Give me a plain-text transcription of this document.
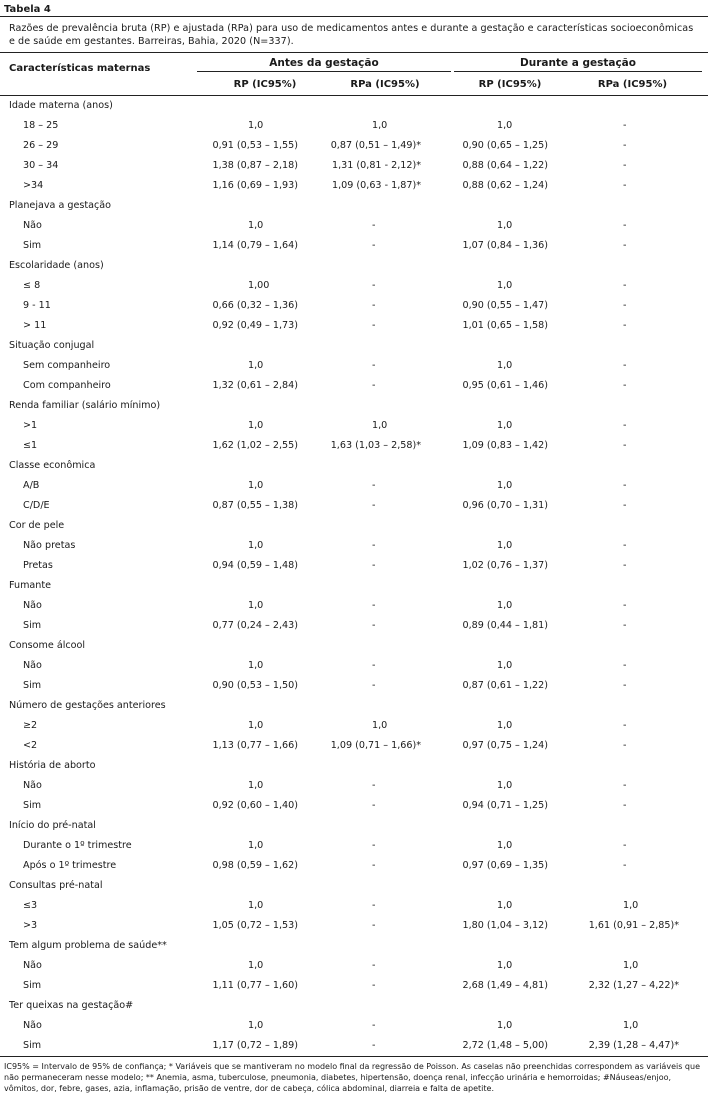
Tabela 4
Razões de prevalência bruta (RP) e ajustada (RPa) para uso de medicamentos antes e durante a gestação e características socioeconômicas e de saúde em gestantes. Barreiras, Bahia, 2020 (N=337).
Características maternas	Antes da gestação	Durante a gestação
RP (IC95%)	RPa (IC95%)	RP (IC95%)	RPa (IC95%)
Idade materna (anos)
18 – 25	1,0	1,0	1,0	-
26 – 29	0,91 (0,53 – 1,55)	0,87 (0,51 – 1,49)*	0,90 (0,65 – 1,25)	-
30 – 34	1,38 (0,87 – 2,18)	1,31 (0,81 - 2,12)*	0,88 (0,64 – 1,22)	-
>34	1,16 (0,69 – 1,93)	1,09 (0,63 - 1,87)*	0,88 (0,62 – 1,24)	-
Planejava a gestação
Não	1,0	-	1,0	-
Sim	1,14 (0,79 – 1,64)	-	1,07 (0,84 – 1,36)	-
Escolaridade (anos)
≤ 8	1,00	-	1,0	-
9 - 11	0,66 (0,32 – 1,36)	-	0,90 (0,55 – 1,47)	-
> 11	0,92 (0,49 – 1,73)	-	1,01 (0,65 – 1,58)	-
Situação conjugal
Sem companheiro	1,0	-	1,0	-
Com companheiro	1,32 (0,61 – 2,84)	-	0,95 (0,61 – 1,46)	-
Renda familiar (salário mínimo)
>1	1,0	1,0	1,0	-
≤1	1,62 (1,02 – 2,55)	1,63 (1,03 – 2,58)*	1,09 (0,83 – 1,42)	-
Classe econômica
A/B	1,0	-	1,0	-
C/D/E	0,87 (0,55 – 1,38)	-	0,96 (0,70 – 1,31)	-
Cor de pele
Não pretas	1,0	-	1,0	-
Pretas	0,94 (0,59 – 1,48)	-	1,02 (0,76 – 1,37)	-
Fumante
Não	1,0	-	1,0	-
Sim	0,77 (0,24 – 2,43)	-	0,89 (0,44 – 1,81)	-
Consome álcool
Não	1,0	-	1,0	-
Sim	0,90 (0,53 – 1,50)	-	0,87 (0,61 – 1,22)	-
Número de gestações anteriores
≥2	1,0	1,0	1,0	-
<2	1,13 (0,77 – 1,66)	1,09 (0,71 – 1,66)*	0,97 (0,75 – 1,24)	-
História de aborto
Não	1,0	-	1,0	-
Sim	0,92 (0,60 – 1,40)	-	0,94 (0,71 – 1,25)	-
Início do pré-natal
Durante o 1º trimestre	1,0	-	1,0	-
Após o 1º trimestre	0,98 (0,59 – 1,62)	-	0,97 (0,69 – 1,35)	-
Consultas pré-natal
≤3	1,0	-	1,0	1,0
>3	1,05 (0,72 – 1,53)	-	1,80 (1,04 – 3,12)	1,61 (0,91 – 2,85)*
Tem algum problema de saúde**
Não	1,0	-	1,0	1,0
Sim	1,11 (0,77 – 1,60)	-	2,68 (1,49 – 4,81)	2,32 (1,27 – 4,22)*
Ter queixas na gestação#
Não	1,0	-	1,0	1,0
Sim	1,17 (0,72 – 1,89)	-	2,72 (1,48 – 5,00)	2,39 (1,28 – 4,47)*
IC95% = Intervalo de 95% de confiança; * Variáveis que se mantiveram no modelo final da regressão de Poisson. As caselas não preenchidas correspondem as variáveis que não permaneceram nesse modelo; ** Anemia, asma, tuberculose, pneumonia, diabetes, hipertensão, doença renal, infecção urinária e hemorroidas; #Náuseas/enjoo, vômitos, dor, febre, gases, azia, inflamação, prisão de ventre, dor de cabeça, cólica abdominal, diarreia e falta de apetite.
